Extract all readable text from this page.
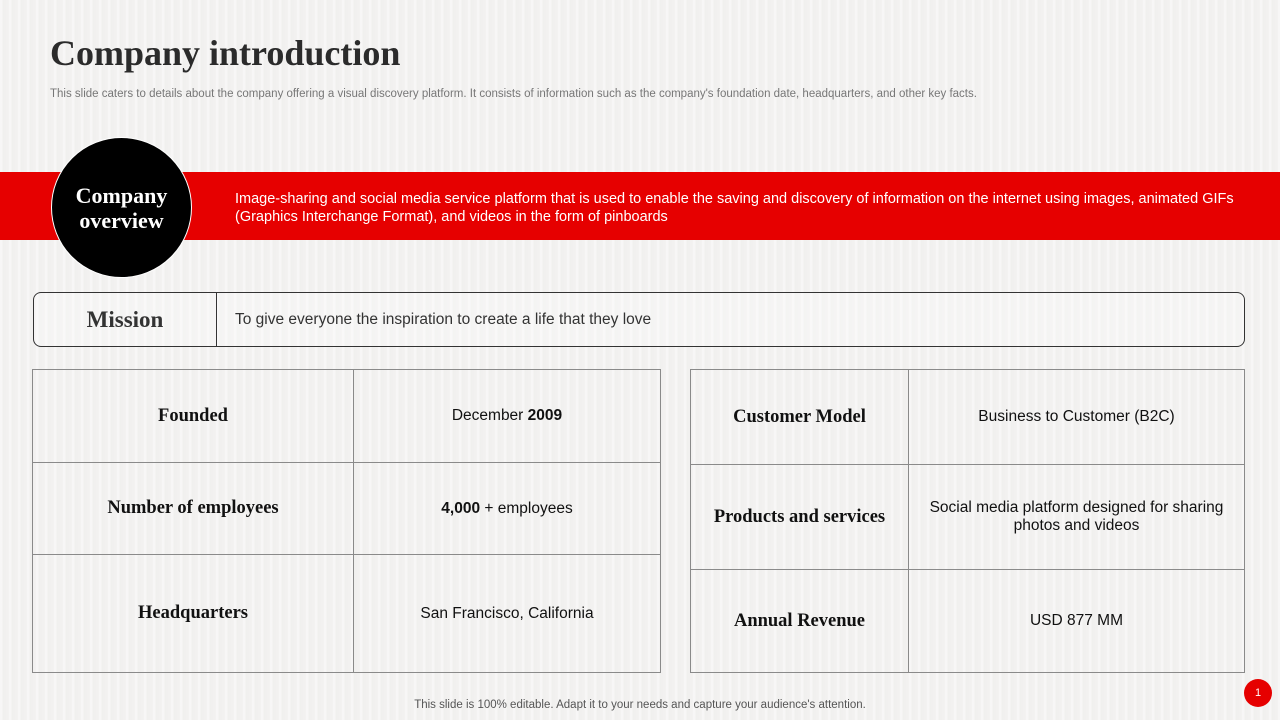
Company introduction
This slide caters to details about the company offering a visual discovery platform. It consists of information such as the company's foundation date, headquarters, and other key facts.
Image-sharing and social media service platform that is used to enable the saving and discovery of information on the internet using images, animated GIFs (Graphics Interchange Format), and videos in the form of pinboards
Company overview
Mission	To give everyone the inspiration to create a life that they love
Founded	December 2009
Number of employees	4,000 + employees
Headquarters	San Francisco, California
Customer Model	Business to Customer (B2C)
Products and services	Social media platform designed for sharing photos and videos
Annual Revenue	USD 877 MM
This slide is 100% editable. Adapt it to your needs and capture your audience's attention.
1
